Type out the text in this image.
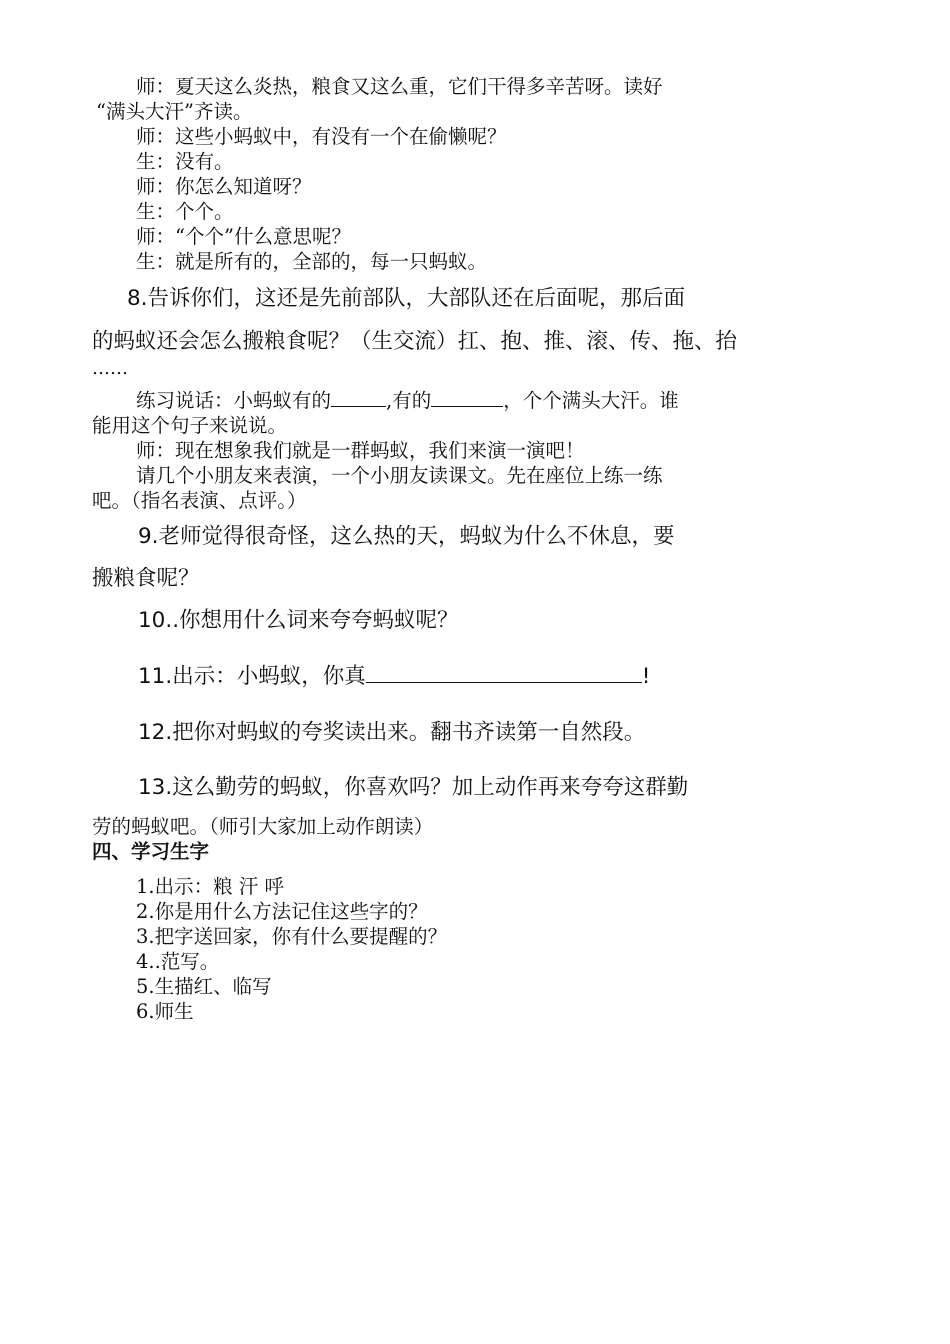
师：夏天这么炎热，粮食又这么重，它们干得多辛苦呀。读好
“满头大汗”齐读。
师：这些小蚂蚁中，有没有一个在偷懒呢？
生：没有。
师：你怎么知道呀？
生：个个。
师：“个个”什么意思呢？
生：就是所有的，全部的，每一只蚂蚁。
8.告诉你们，这还是先前部队，大部队还在后面呢，那后面
的蚂蚁还会怎么搬粮食呢？（生交流）扛、抱、推、滚、传、拖、抬
……
练习说话：小蚂蚁有的	,有的	，个个满头大汗。谁
能用这个句子来说说。
师：现在想象我们就是一群蚂蚁，我们来演一演吧！
请几个小朋友来表演，一个小朋友读课文。先在座位上练一练
吧。（指名表演、点评。）
9.老师觉得很奇怪，这么热的天，蚂蚁为什么不休息，要
搬粮食呢？
10..你想用什么词来夸夸蚂蚁呢？
11.出示：小蚂蚁，你真	!
12.把你对蚂蚁的夸奖读出来。翻书齐读第一自然段。
13.这么勤劳的蚂蚁，你喜欢吗？加上动作再来夸夸这群勤
劳的蚂蚁吧。（师引大家加上动作朗读）
四、学习生字
1.出示：粮 汗 呼
2.你是用什么方法记住这些字的？
3.把字送回家，你有什么要提醒的？
4..范写。
5.生描红、临写
6.师生
